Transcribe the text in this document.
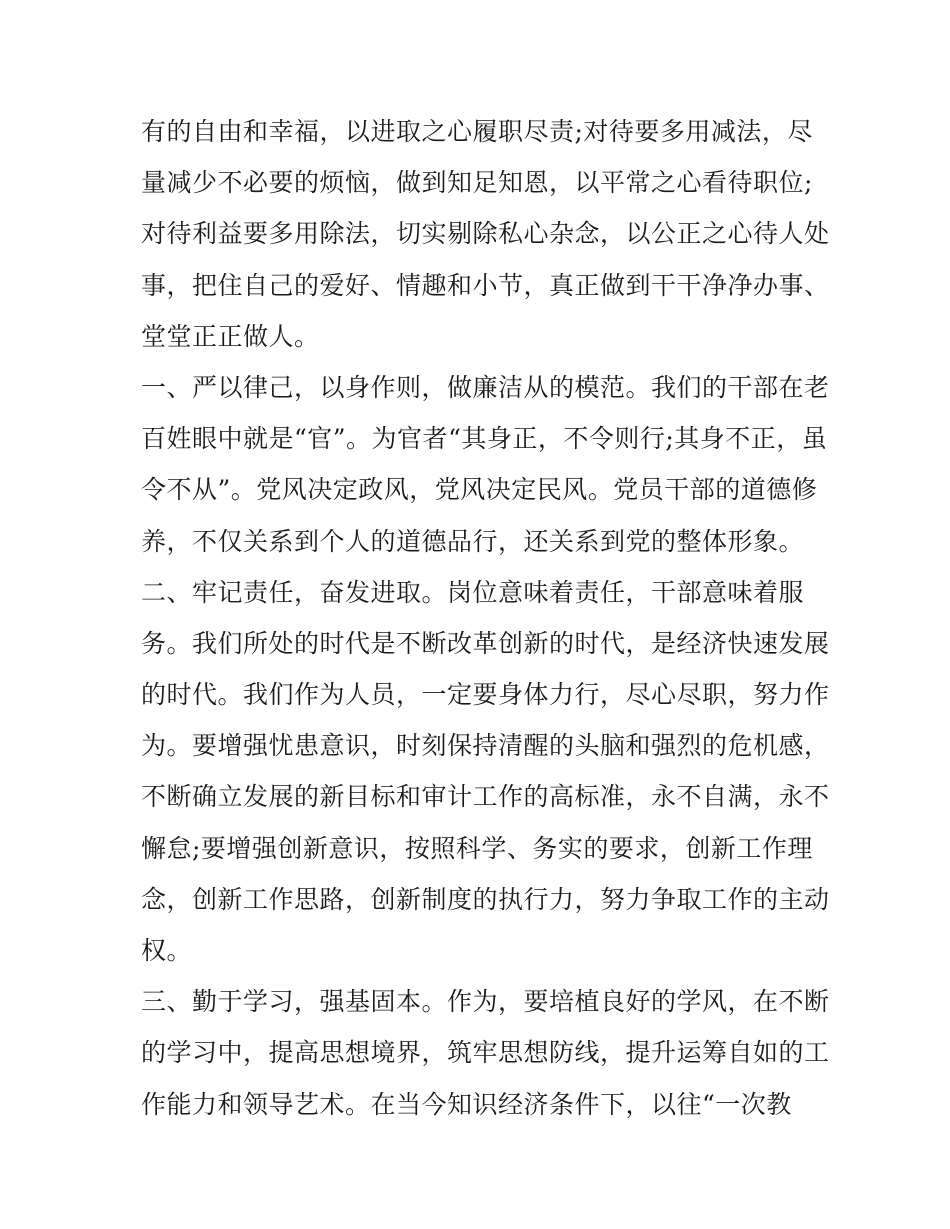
有的自由和幸福，以进取之心履职尽责;对待要多用减法，尽
量减少不必要的烦恼，做到知足知恩，以平常之心看待职位;
对待利益要多用除法，切实剔除私心杂念，以公正之心待人处
事，把住自己的爱好、情趣和小节，真正做到干干净净办事、
堂堂正正做人。
一、严以律己，以身作则，做廉洁从的模范。我们的干部在老
百姓眼中就是“官”。为官者“其身正，不令则行;其身不正，虽
令不从”。党风决定政风，党风决定民风。党员干部的道德修
养，不仅关系到个人的道德品行，还关系到党的整体形象。
二、牢记责任，奋发进取。岗位意味着责任，干部意味着服
务。我们所处的时代是不断改革创新的时代，是经济快速发展
的时代。我们作为人员，一定要身体力行，尽心尽职，努力作
为。要增强忧患意识，时刻保持清醒的头脑和强烈的危机感，
不断确立发展的新目标和审计工作的高标准，永不自满，永不
懈怠;要增强创新意识，按照科学、务实的要求，创新工作理
念，创新工作思路，创新制度的执行力，努力争取工作的主动
权。
三、勤于学习，强基固本。作为，要培植良好的学风，在不断
的学习中，提高思想境界，筑牢思想防线，提升运筹自如的工
作能力和领导艺术。在当今知识经济条件下，以往“一次教
